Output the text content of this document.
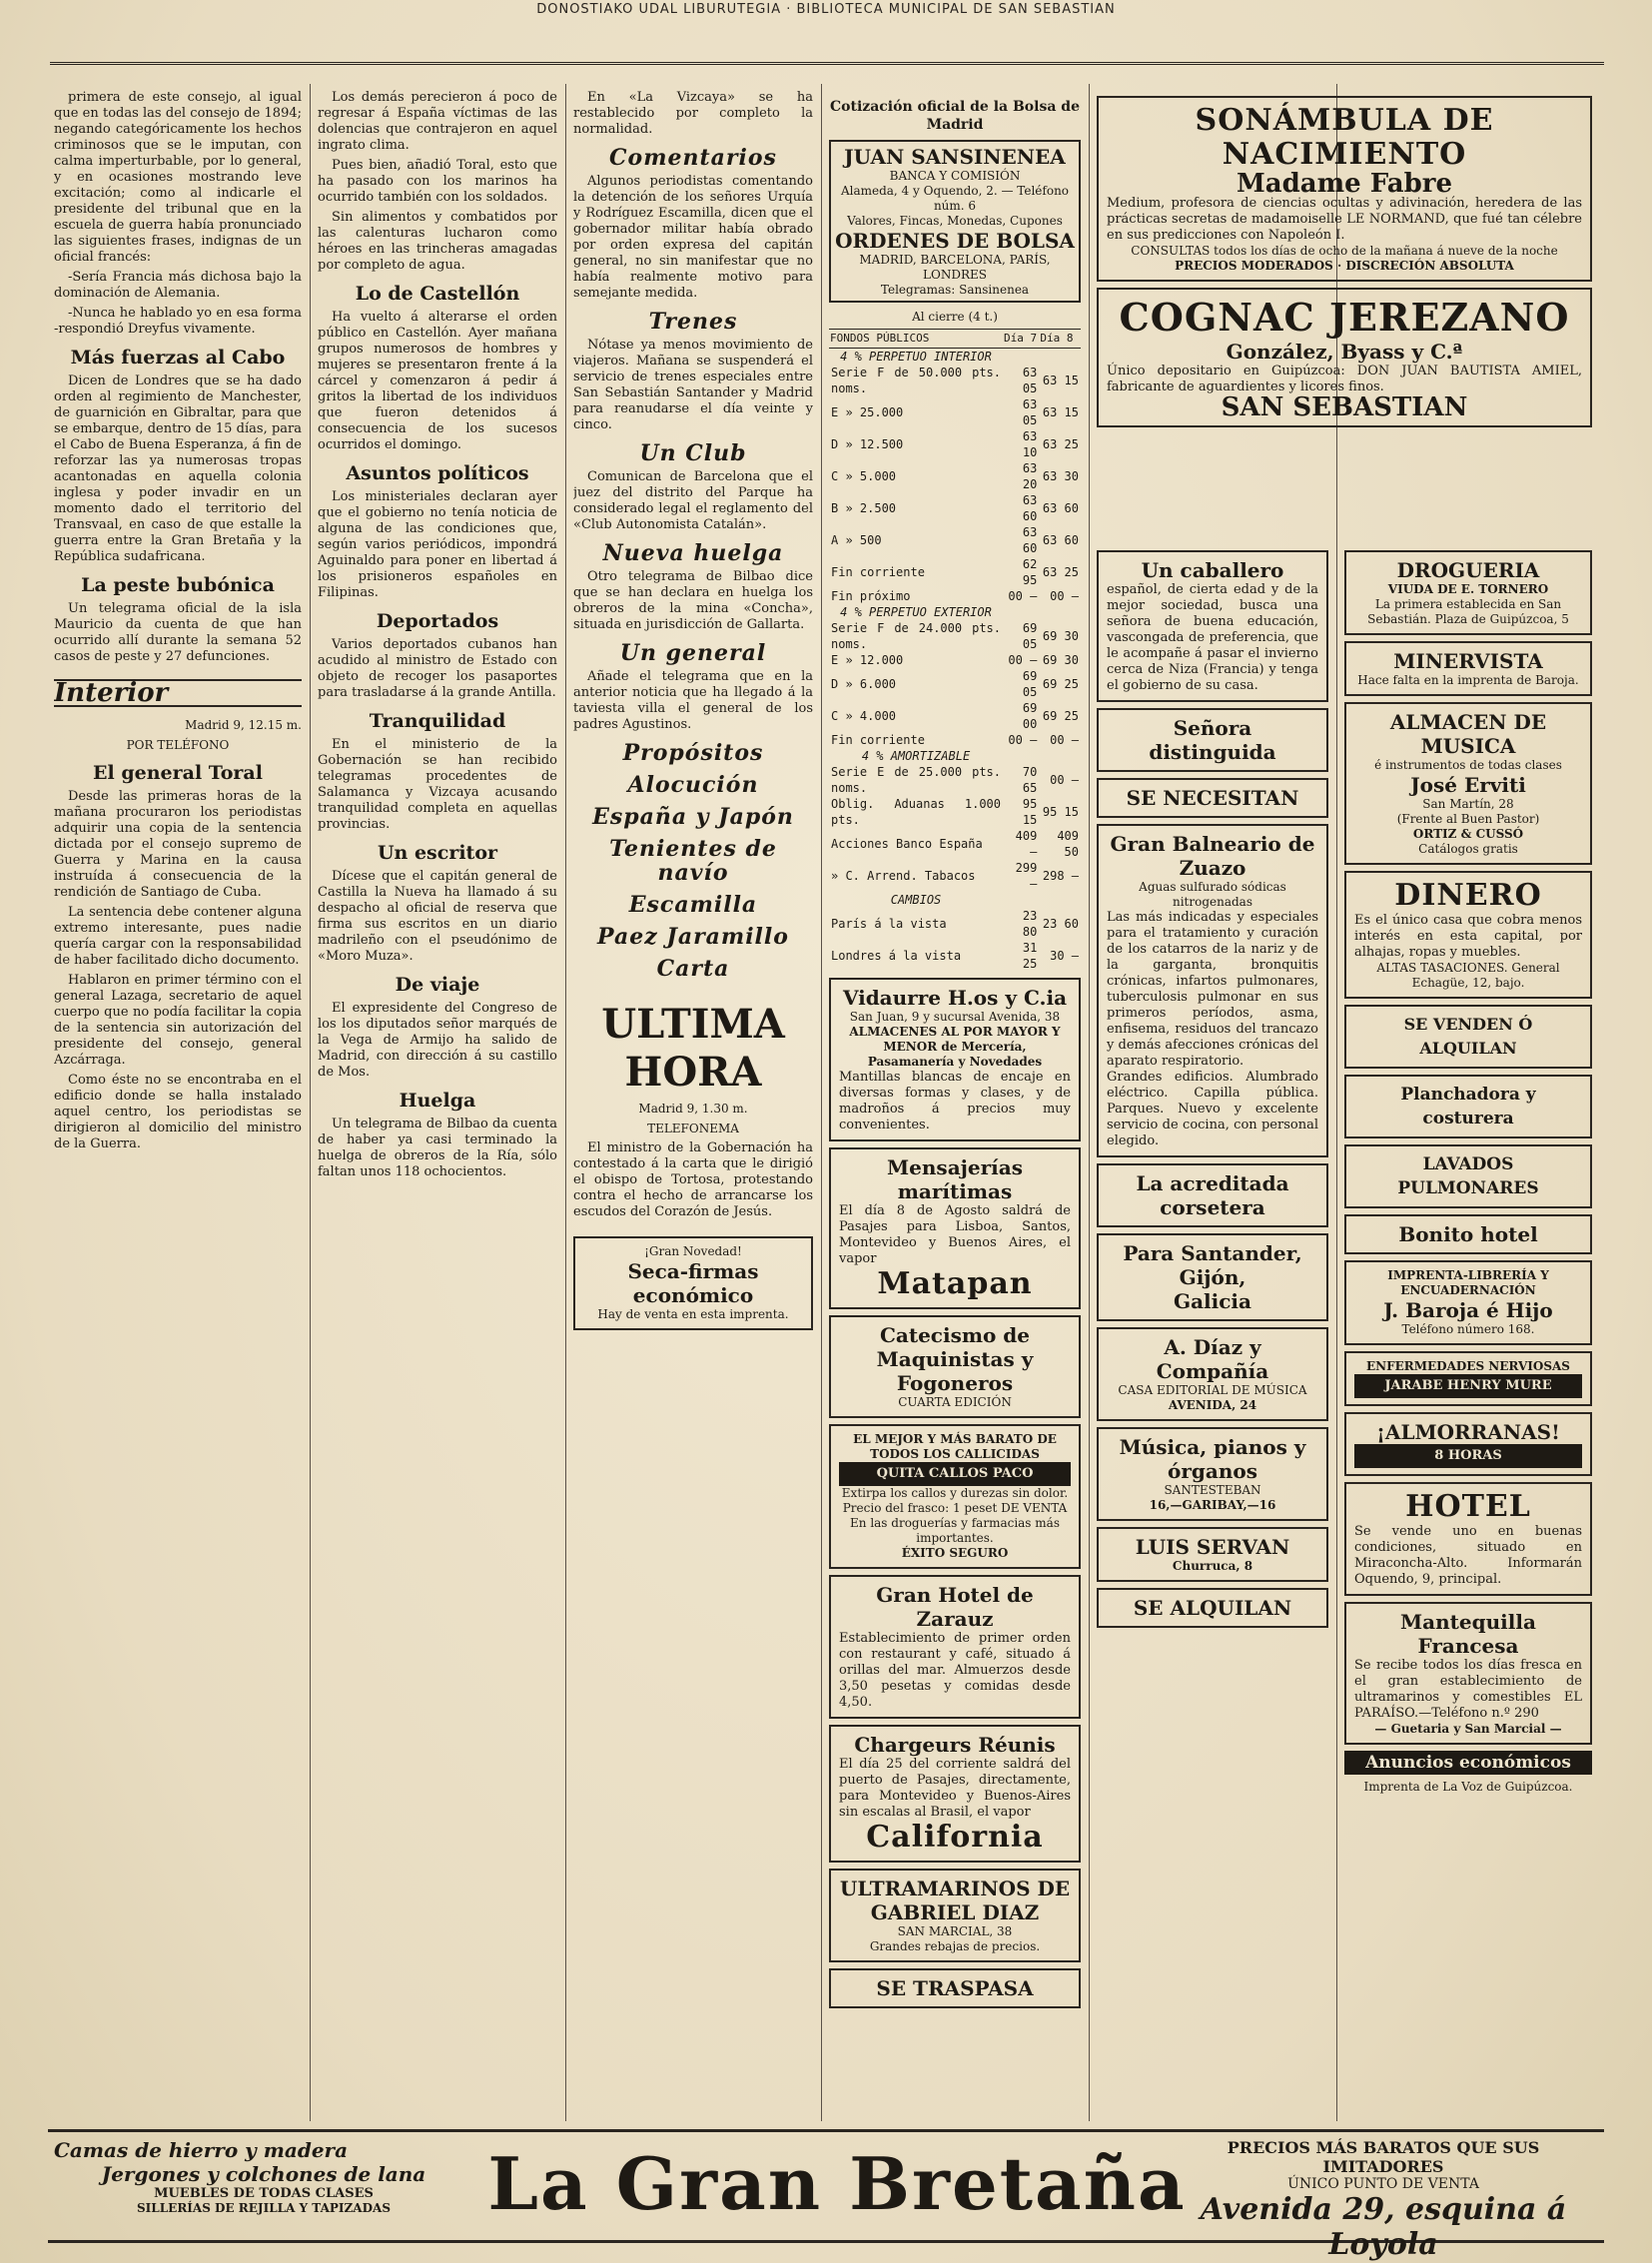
DONOSTIAKO UDAL LIBURUTEGIA · BIBLIOTECA MUNICIPAL DE SAN SEBASTIAN

primera de este consejo, al igual que en todas las del consejo de 1894; negando categóricamente los hechos criminosos que se le imputan, con calma imperturbable, por lo general, y en ocasiones mostrando leve excitación; como al indicarle el presidente del tribunal que en la escuela de guerra había pronunciado las siguientes frases, indignas de un oficial francés:

-Sería Francia más dichosa bajo la dominación de Alemania.

-Nunca he hablado yo en esa forma -respondió Dreyfus vivamente.

Más fuerzas al Cabo

Dicen de Londres que se ha dado orden al regimiento de Manchester, de guarnición en Gibraltar, para que se embarque, dentro de 15 días, para el Cabo de Buena Esperanza, á fin de reforzar las ya numerosas tropas acantonadas en aquella colonia inglesa y poder invadir en un momento dado el territorio del Transvaal, en caso de que estalle la guerra entre la Gran Bretaña y la República sudafricana.

La peste bubónica

Un telegrama oficial de la isla Mauricio da cuenta de que han ocurrido allí durante la semana 52 casos de peste y 27 defunciones.

Interior
Madrid 9, 12.15 m.
POR TELÉFONO
El general Toral

Desde las primeras horas de la mañana procuraron los periodistas adquirir una copia de la sentencia dictada por el consejo supremo de Guerra y Marina en la causa instruída á consecuencia de la rendición de Santiago de Cuba.

La sentencia debe contener alguna extremo interesante, pues nadie quería cargar con la responsabilidad de haber facilitado dicho documento.

Hablaron en primer término con el general Lazaga, secretario de aquel cuerpo que no podía facilitar la copia de la sentencia sin autorización del presidente del consejo, general Azcárraga.

Como éste no se encontraba en el edificio donde se halla instalado aquel centro, los periodistas se dirigieron al domicilio del ministro de la Guerra.

Los demás perecieron á poco de regresar á España víctimas de las dolencias que contrajeron en aquel ingrato clima.

Pues bien, añadió Toral, esto que ha pasado con los marinos ha ocurrido también con los soldados.

Sin alimentos y combatidos por las calenturas lucharon como héroes en las trincheras amagadas por completo de agua.

Lo de Castellón

Ha vuelto á alterarse el orden público en Castellón. Ayer mañana grupos numerosos de hombres y mujeres se presentaron frente á la cárcel y comenzaron á pedir á gritos la libertad de los individuos que fueron detenidos á consecuencia de los sucesos ocurridos el domingo.

Asuntos políticos

Los ministeriales declaran ayer que el gobierno no tenía noticia de alguna de las condiciones que, según varios periódicos, impondrá Aguinaldo para poner en libertad á los prisioneros españoles en Filipinas.

Deportados

Varios deportados cubanos han acudido al ministro de Estado con objeto de recoger los pasaportes para trasladarse á la grande Antilla.

Tranquilidad

En el ministerio de la Gobernación se han recibido telegramas procedentes de Salamanca y Vizcaya acusando tranquilidad completa en aquellas provincias.

Un escritor

Dícese que el capitán general de Castilla la Nueva ha llamado á su despacho al oficial de reserva que firma sus escritos en un diario madrileño con el pseudónimo de «Moro Muza».

De viaje

El expresidente del Congreso de los los diputados señor marqués de la Vega de Armijo ha salido de Madrid, con dirección á su castillo de Mos.

Huelga

Un telegrama de Bilbao da cuenta de haber ya casi terminado la huelga de obreros de la Ría, sólo faltan unos 118 ochocientos.

En «La Vizcaya» se ha restablecido por completo la normalidad.

Comentarios

Algunos periodistas comentando la detención de los señores Urquía y Rodríguez Escamilla, dicen que el gobernador militar había obrado por orden expresa del capitán general, no sin manifestar que no había realmente motivo para semejante medida.

Trenes

Nótase ya menos movimiento de viajeros. Mañana se suspenderá el servicio de trenes especiales entre San Sebastián Santander y Madrid para reanudarse el día veinte y cinco.

Un Club

Comunican de Barcelona que el juez del distrito del Parque ha considerado legal el reglamento del «Club Autonomista Catalán».

Nueva huelga

Otro telegrama de Bilbao dice que se han declara en huelga los obreros de la mina «Concha», situada en jurisdicción de Gallarta.

Un general

Añade el telegrama que en la anterior noticia que ha llegado á la taviesta villa el general de los padres Agustinos.

Propósitos
Alocución
España y Japón
Tenientes de navío
Escamilla
Paez Jaramillo
Carta
ULTIMA HORA
Madrid 9, 1.30 m.
TELEFONEMA

El ministro de la Gobernación ha contestado á la carta que le dirigió el obispo de Tortosa, protestando contra el hecho de arrancarse los escudos del Corazón de Jesús.

¡Gran Novedad!
Seca-firmas económico
Hay de venta en esta imprenta.
Cotización oficial de la Bolsa de Madrid
JUAN SANSINENEA
BANCA Y COMISIÓN
Alameda, 4 y Oquendo, 2. — Teléfono núm. 6
Valores, Fincas, Monedas, Cupones
ORDENES DE BOLSA
MADRID, BARCELONA, PARÍS, LONDRES
Telegramas: Sansinenea
Al cierre (4 t.)
FONDOS PÚBLICOS	Día 7	Día 8
4 % PERPETUO INTERIOR		
Serie F de 50.000 pts. noms.	63 05	63 15
E » 25.000	63 05	63 15
D » 12.500	63 10	63 25
C » 5.000	63 20	63 30
B » 2.500	63 60	63 60
A » 500	63 60	63 60
Fin corriente	62 95	63 25
Fin próximo	00 —	00 —
4 % PERPETUO EXTERIOR		
Serie F de 24.000 pts. noms.	69 05	69 30
E » 12.000	00 —	69 30
D » 6.000	69 05	69 25
C » 4.000	69 00	69 25
Fin corriente	00 —	00 —
4 % AMORTIZABLE		
Serie E de 25.000 pts. noms.	70 65	00 —
Oblig. Aduanas 1.000 pts.	95 15	95 15
Acciones Banco España	409 —	409 50
» C. Arrend. Tabacos	299 —	298 —
CAMBIOS		
París á la vista	23 80	23 60
Londres á la vista	31 25	30 —
Vidaurre H.os y C.ia
San Juan, 9 y sucursal Avenida, 38
ALMACENES AL POR MAYOR Y MENOR de Mercería, Pasamanería y Novedades
Mantillas blancas de encaje en diversas formas y clases, y de madroños á precios muy convenientes.
Mensajerías marítimas
El día 8 de Agosto saldrá de Pasajes para Lisboa, Santos, Montevideo y Buenos Aires, el vapor
Matapan
Catecismo de Maquinistas y Fogoneros
CUARTA EDICIÓN
EL MEJOR Y MÁS BARATO DE TODOS LOS CALLICIDAS
QUITA CALLOS PACO
Extirpa los callos y durezas sin dolor. Precio del frasco: 1 peset DE VENTA En las droguerías y farmacias más importantes.
ÉXITO SEGURO
Gran Hotel de Zarauz
Establecimiento de primer orden con restaurant y café, situado á orillas del mar. Almuerzos desde 3,50 pesetas y comidas desde 4,50.
Chargeurs Réunis
El día 25 del corriente saldrá del puerto de Pasajes, directamente, para Montevideo y Buenos-Aires sin escalas al Brasil, el vapor
California
ULTRAMARINOS DE GABRIEL DIAZ
SAN MARCIAL, 38
Grandes rebajas de precios.
SE TRASPASA
SONÁMBULA DE NACIMIENTO
Madame Fabre
Medium, profesora de ciencias ocultas y adivinación, heredera de las prácticas secretas de madamoiselle LE NORMAND, que fué tan célebre en sus predicciones con Napoleón I.
CONSULTAS todos los días de ocho de la mañana á nueve de la noche
PRECIOS MODERADOS · DISCRECIÓN ABSOLUTA
COGNAC JEREZANO
González, Byass y C.ª
Único depositario en Guipúzcoa: DON JUAN BAUTISTA AMIEL, fabricante de aguardientes y licores finos.
SAN SEBASTIAN
Un caballero
español, de cierta edad y de la mejor sociedad, busca una señora de buena educación, vascongada de preferencia, que le acompañe á pasar el invierno cerca de Niza (Francia) y tenga el gobierno de su casa.
Señora distinguida
SE NECESITAN
Gran Balneario de Zuazo
Aguas sulfurado sódicas nitrogenadas
Las más indicadas y especiales para el tratamiento y curación de los catarros de la nariz y de la garganta, bronquitis crónicas, infartos pulmonares, tuberculosis pulmonar en sus primeros períodos, asma, enfisema, residuos del trancazo y demás afecciones crónicas del aparato respiratorio.
Grandes edificios. Alumbrado eléctrico. Capilla pública. Parques. Nuevo y excelente servicio de cocina, con personal elegido.
La acreditada corsetera
Para Santander, Gijón,
Galicia
A. Díaz y Compañía
CASA EDITORIAL DE MÚSICA
AVENIDA, 24
Música, pianos y órganos
SANTESTEBAN
16,—GARIBAY,—16
LUIS SERVAN
Churruca, 8
SE ALQUILAN
DROGUERIA
VIUDA DE E. TORNERO
La primera establecida en San Sebastián. Plaza de Guipúzcoa, 5
MINERVISTA
Hace falta en la imprenta de Baroja.
ALMACEN DE MUSICA
é instrumentos de todas clases
José Erviti
San Martín, 28
(Frente al Buen Pastor)
ORTIZ & CUSSÓ
Catálogos gratis
DINERO
Es el único casa que cobra menos interés en esta capital, por alhajas, ropas y muebles.
ALTAS TASACIONES. General Echagüe, 12, bajo.
SE VENDEN Ó ALQUILAN
Planchadora y costurera
LAVADOS PULMONARES
Bonito hotel
IMPRENTA-LIBRERÍA Y ENCUADERNACIÓN
J. Baroja é Hijo
Teléfono número 168.
ENFERMEDADES NERVIOSAS
JARABE HENRY MURE
¡ALMORRANAS!
8 HORAS
HOTEL
Se vende uno en buenas condiciones, situado en Miraconcha-Alto. Informarán Oquendo, 9, principal.
Mantequilla Francesa
Se recibe todos los días fresca en el gran establecimiento de ultramarinos y comestibles EL PARAÍSO.—Teléfono n.º 290
— Guetaria y San Marcial —
Anuncios económicos
Imprenta de La Voz de Guipúzcoa.
Camas de hierro y madera
Jergones y colchones de lana
MUEBLES DE TODAS CLASES
SILLERÍAS DE REJILLA Y TAPIZADAS	La Gran Bretaña	PRECIOS MÁS BARATOS QUE SUS IMITADORES
ÚNICO PUNTO DE VENTA
Avenida 29, esquina á Loyola
